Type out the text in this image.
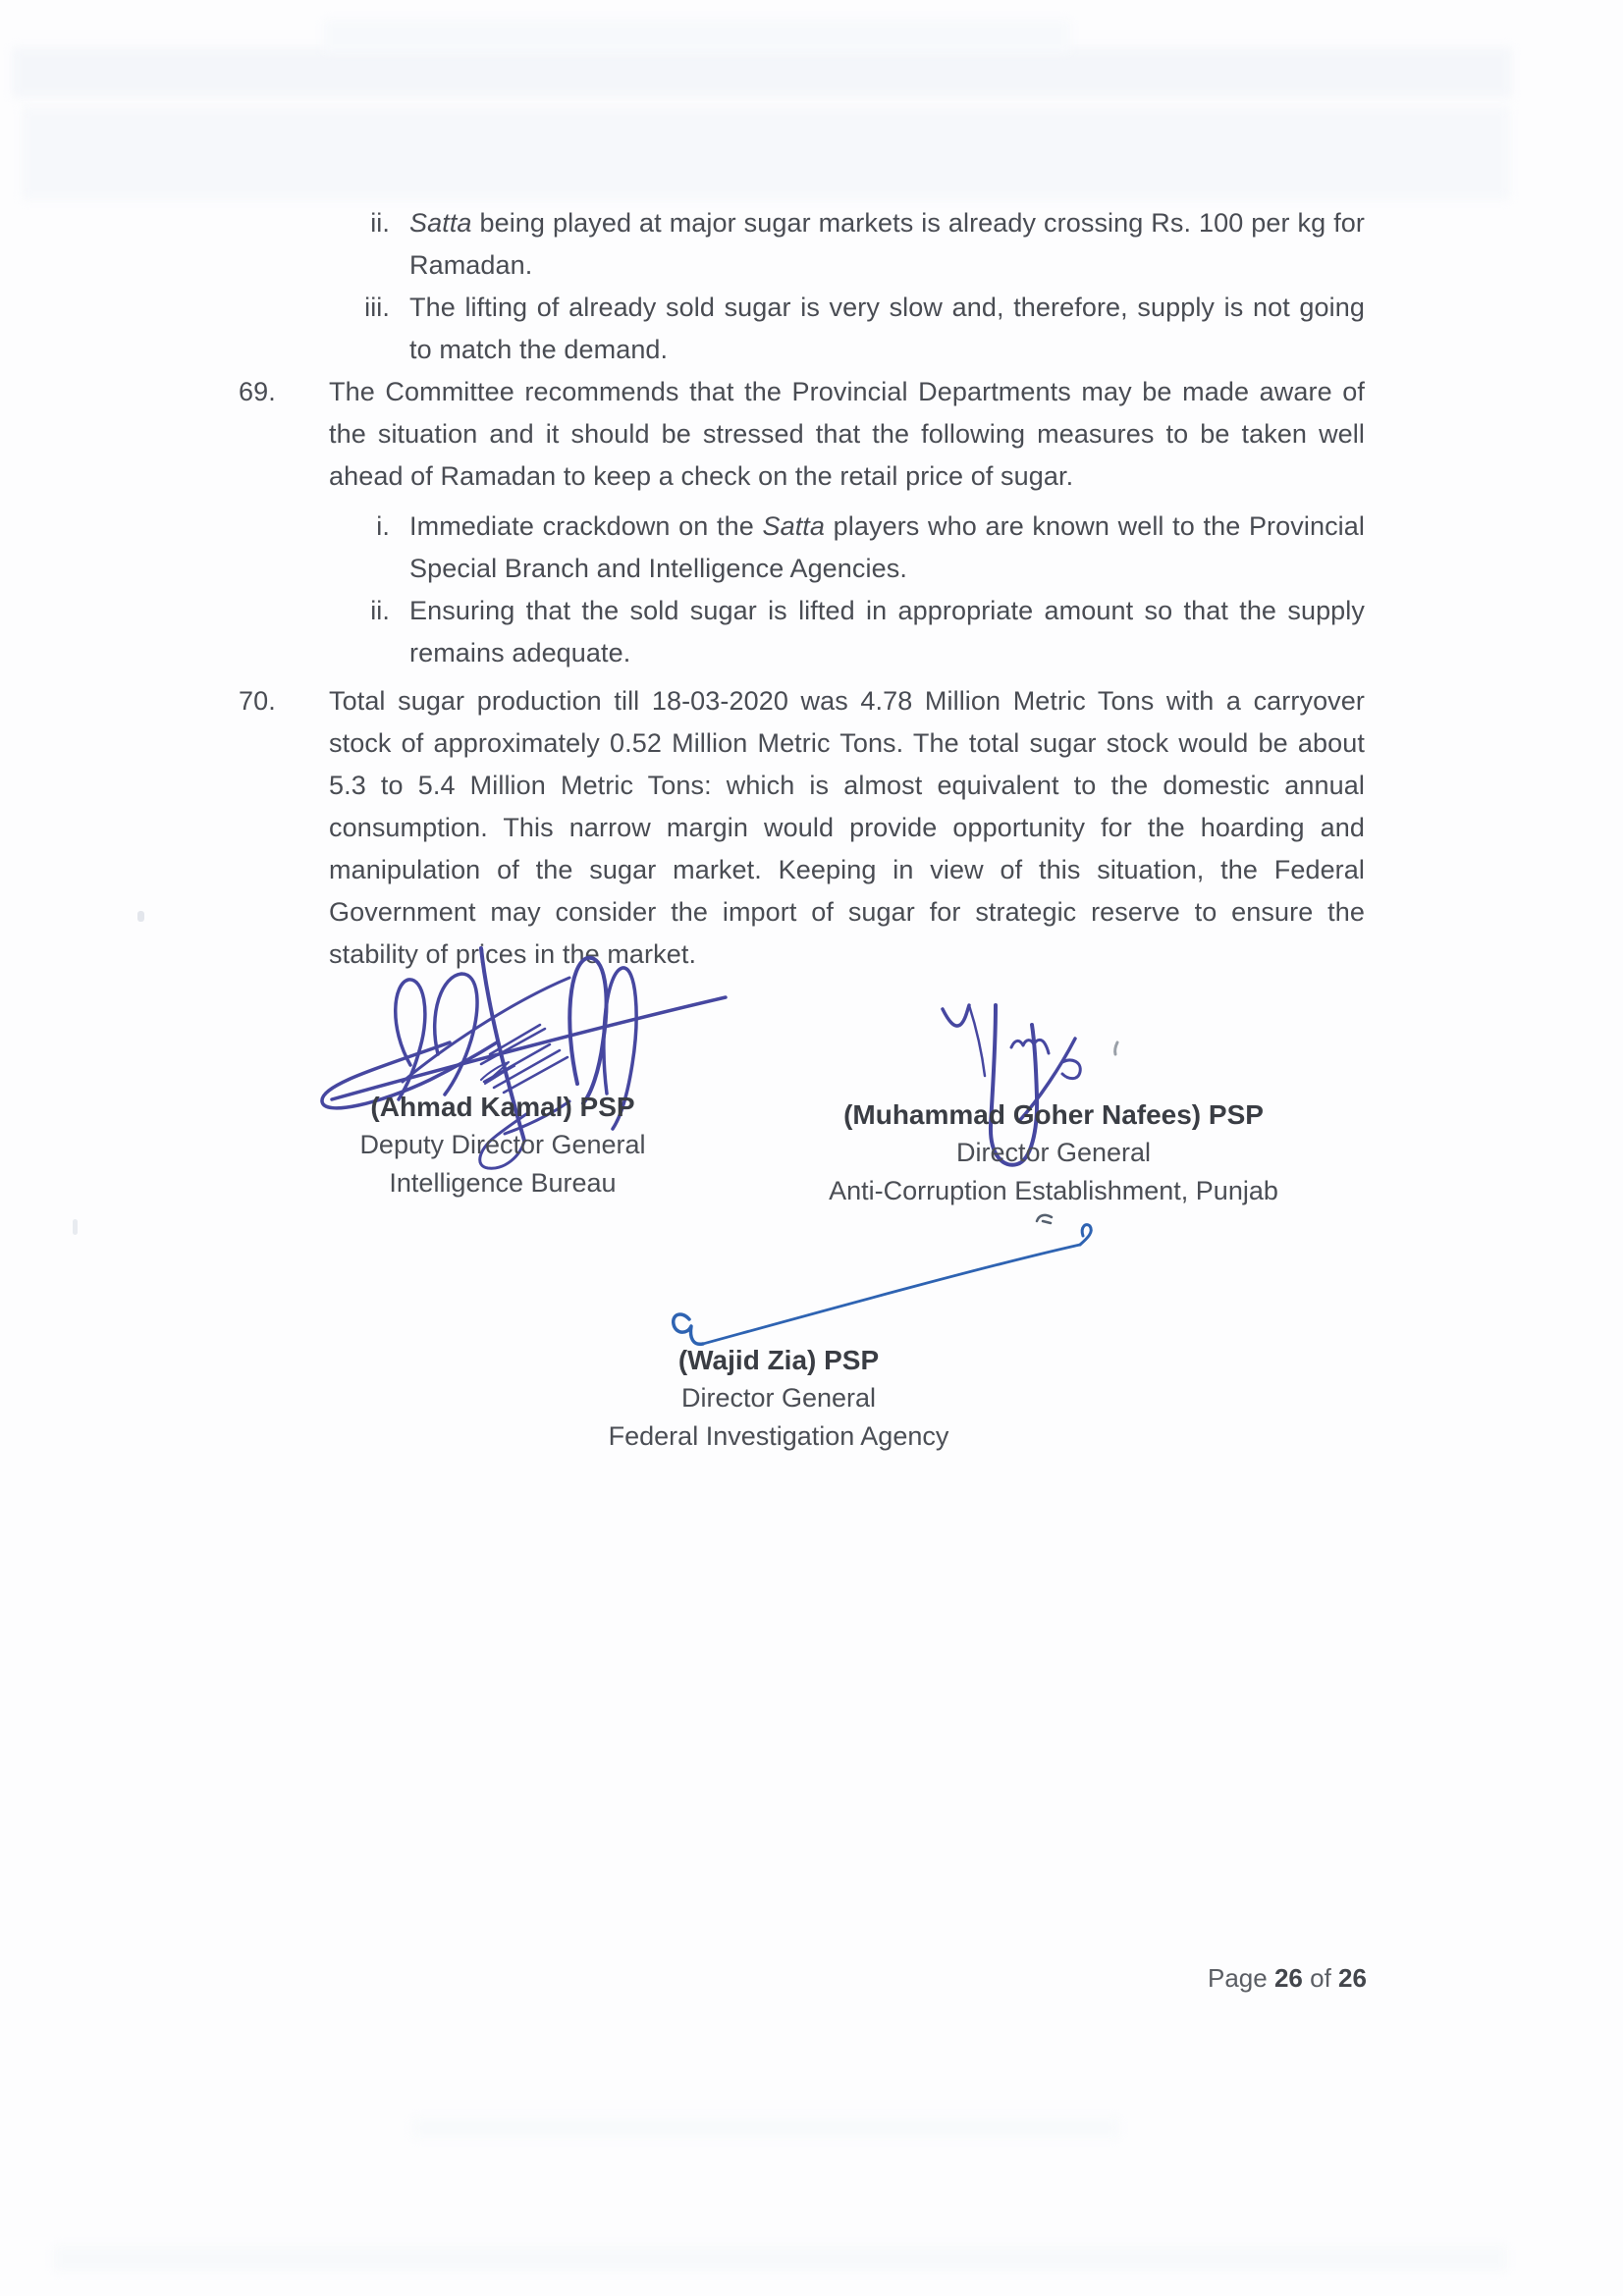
ii. Satta being played at major sugar markets is already crossing Rs. 100 per kg for Ramadan.
iii. The lifting of already sold sugar is very slow and, therefore, supply is not going to match the demand.
69.	The Committee recommends that the Provincial Departments may be made aware of the situation and it should be stressed that the following measures to be taken well ahead of Ramadan to keep a check on the retail price of sugar.
i. Immediate crackdown on the Satta players who are known well to the Provincial Special Branch and Intelligence Agencies.
ii. Ensuring that the sold sugar is lifted in appropriate amount so that the supply remains adequate.
70.	Total sugar production till 18-03-2020 was 4.78 Million Metric Tons with a carryover stock of approximately 0.52 Million Metric Tons. The total sugar stock would be about 5.3 to 5.4 Million Metric Tons: which is almost equivalent to the domestic annual consumption. This narrow margin would provide opportunity for the hoarding and manipulation of the sugar market. Keeping in view of this situation, the Federal Government may consider the import of sugar for strategic reserve to ensure the stability of prices in the market.
(Ahmad Kamal) PSP
Deputy Director General
Intelligence Bureau
(Muhammad Goher Nafees) PSP
Director General
Anti-Corruption Establishment, Punjab
(Wajid Zia) PSP
Director General
Federal Investigation Agency
Page 26 of 26
